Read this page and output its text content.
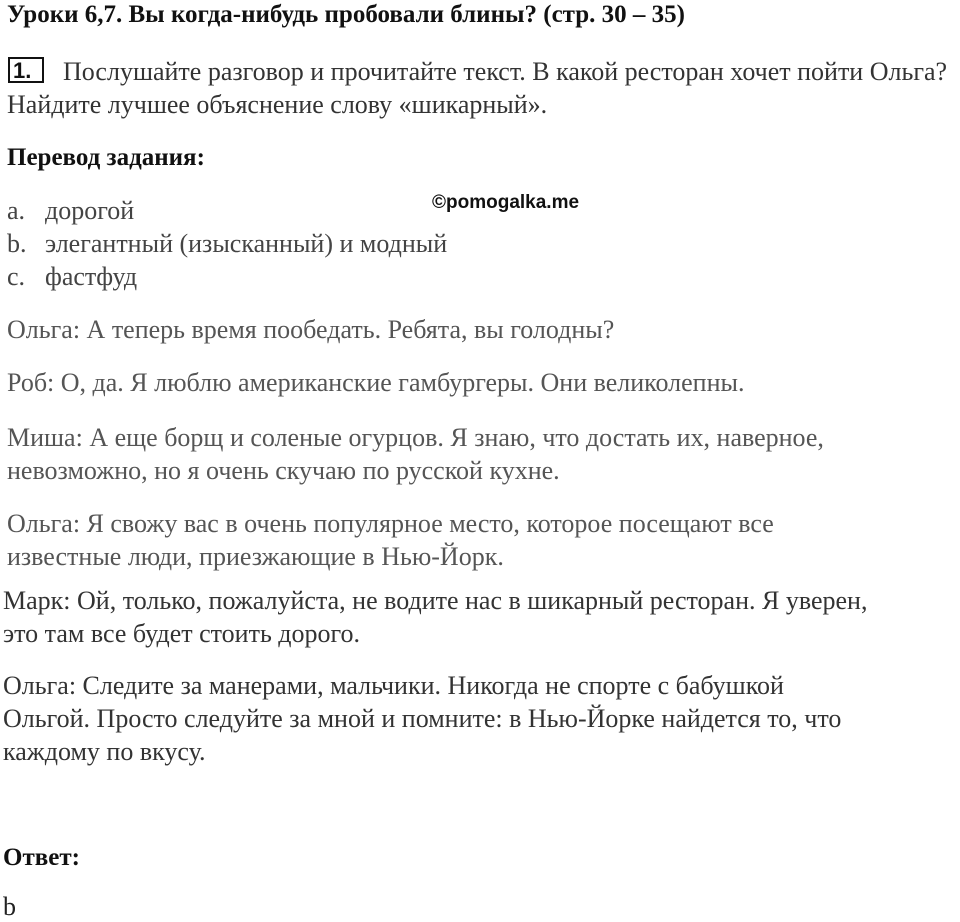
Уроки 6,7. Вы когда-нибудь пробовали блины? (стр. 30 – 35)
1.	Послушайте разговор и прочитайте текст. В какой ресторан хочет пойти Ольга? Найдите лучшее объяснение слову «шикарный».
Перевод задания:
©pomogalka.me
a. дорогой
b. элегантный (изысканный) и модный
c. фастфуд
Ольга: А теперь время пообедать. Ребята, вы голодны?
Роб: О, да. Я люблю американские гамбургеры. Они великолепны.
Миша: А еще борщ и соленые огурцов. Я знаю, что достать их, наверное,
невозможно, но я очень скучаю по русской кухне.
Ольга: Я свожу вас в очень популярное место, которое посещают все
известные люди, приезжающие в Нью-Йорк.
Марк: Ой, только, пожалуйста, не водите нас в шикарный ресторан. Я уверен,
это там все будет стоить дорого.
Ольга: Следите за манерами, мальчики. Никогда не спорте с бабушкой
Ольгой. Просто следуйте за мной и помните: в Нью-Йорке найдется то, что
каждому по вкусу.
Ответ:
b
